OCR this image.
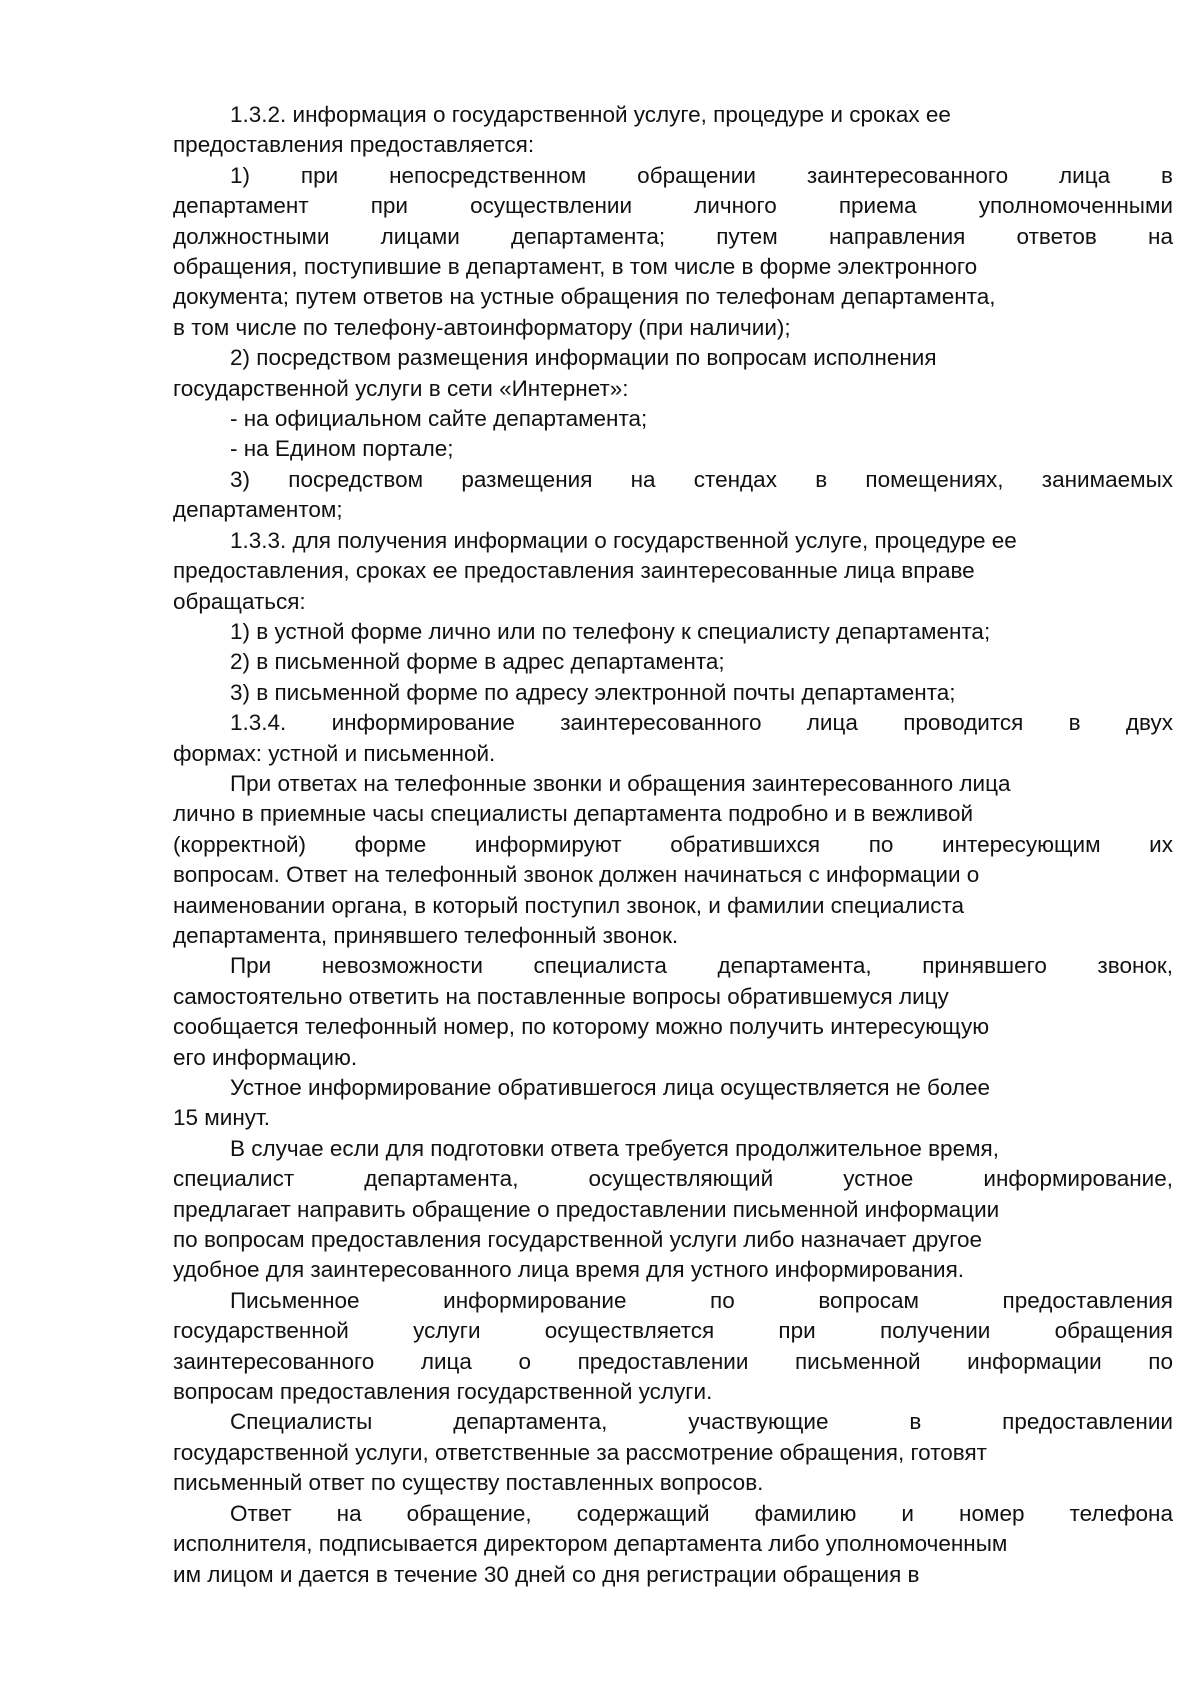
1.3.2. информация о государственной услуге, процедуре и сроках ее

предоставления предоставляется:

1) при непосредственном обращении заинтересованного лица в

департамент при осуществлении личного приема уполномоченными

должностными лицами департамента; путем направления ответов на

обращения, поступившие в департамент, в том числе в форме электронного

документа; путем ответов на устные обращения по телефонам департамента,

в том числе по телефону-автоинформатору (при наличии);

2) посредством размещения информации по вопросам исполнения

государственной услуги в сети «Интернет»:

- на официальном сайте департамента;

- на Едином портале;

3) посредством размещения на стендах в помещениях, занимаемых

департаментом;

1.3.3. для получения информации о государственной услуге, процедуре ее

предоставления, сроках ее предоставления заинтересованные лица вправе

обращаться:

1) в устной форме лично или по телефону к специалисту департамента;

2) в письменной форме в адрес департамента;

3) в письменной форме по адресу электронной почты департамента;

1.3.4. информирование заинтересованного лица проводится в двух

формах: устной и письменной.

При ответах на телефонные звонки и обращения заинтересованного лица

лично в приемные часы специалисты департамента подробно и в вежливой

(корректной) форме информируют обратившихся по интересующим их

вопросам. Ответ на телефонный звонок должен начинаться с информации о

наименовании органа, в который поступил звонок, и фамилии специалиста

департамента, принявшего телефонный звонок.

При невозможности специалиста департамента, принявшего звонок,

самостоятельно ответить на поставленные вопросы обратившемуся лицу

сообщается телефонный номер, по которому можно получить интересующую

его информацию.

Устное информирование обратившегося лица осуществляется не более

15 минут.

В случае если для подготовки ответа требуется продолжительное время,

специалист департамента, осуществляющий устное информирование,

предлагает направить обращение о предоставлении письменной информации

по вопросам предоставления государственной услуги либо назначает другое

удобное для заинтересованного лица время для устного информирования.

Письменное информирование по вопросам предоставления

государственной услуги осуществляется при получении обращения

заинтересованного лица о предоставлении письменной информации по

вопросам предоставления государственной услуги.

Специалисты департамента, участвующие в предоставлении

государственной услуги, ответственные за рассмотрение обращения, готовят

письменный ответ по существу поставленных вопросов.

Ответ на обращение, содержащий фамилию и номер телефона

исполнителя, подписывается директором департамента либо уполномоченным

им лицом и дается в течение 30 дней со дня регистрации обращения в
